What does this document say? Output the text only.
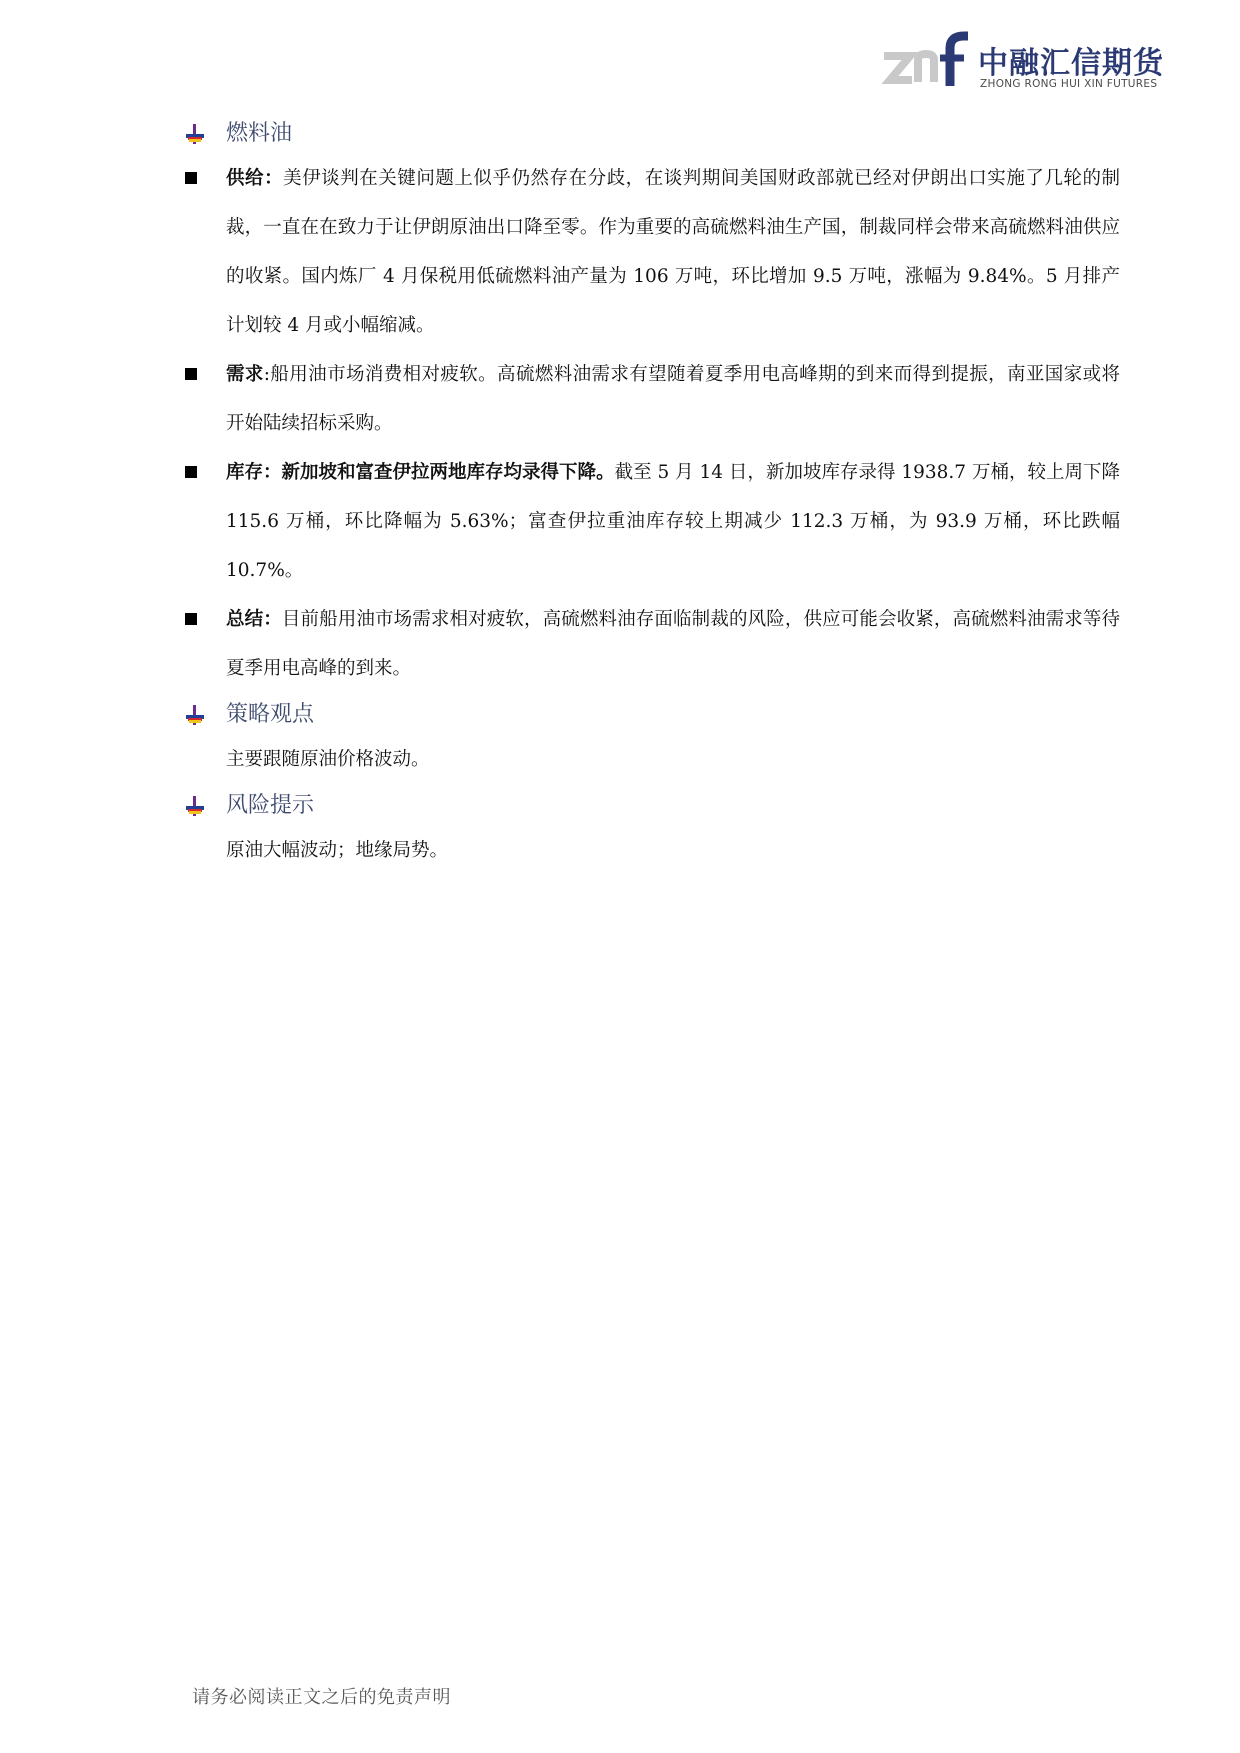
中融汇信期货
ZHONG RONG HUI XIN FUTURES
燃料油
供给：美伊谈判在关键问题上似乎仍然存在分歧，在谈判期间美国财政部就已经对伊朗出口实施了几轮的制裁，一直在在致力于让伊朗原油出口降至零。作为重要的高硫燃料油生产国，制裁同样会带来高硫燃料油供应的收紧。国内炼厂 4 月保税用低硫燃料油产量为 106 万吨，环比增加 9.5 万吨，涨幅为 9.84%。5 月排产计划较 4 月或小幅缩减。
需求:船用油市场消费相对疲软。高硫燃料油需求有望随着夏季用电高峰期的到来而得到提振，南亚国家或将开始陆续招标采购。
库存：新加坡和富查伊拉两地库存均录得下降。截至 5 月 14 日，新加坡库存录得 1938.7 万桶，较上周下降 115.6 万桶，环比降幅为 5.63%；富查伊拉重油库存较上期减少 112.3 万桶，为 93.9 万桶，环比跌幅 10.7%。
总结：目前船用油市场需求相对疲软，高硫燃料油存面临制裁的风险，供应可能会收紧，高硫燃料油需求等待夏季用电高峰的到来。
策略观点
主要跟随原油价格波动。
风险提示
原油大幅波动；地缘局势。
请务必阅读正文之后的免责声明
